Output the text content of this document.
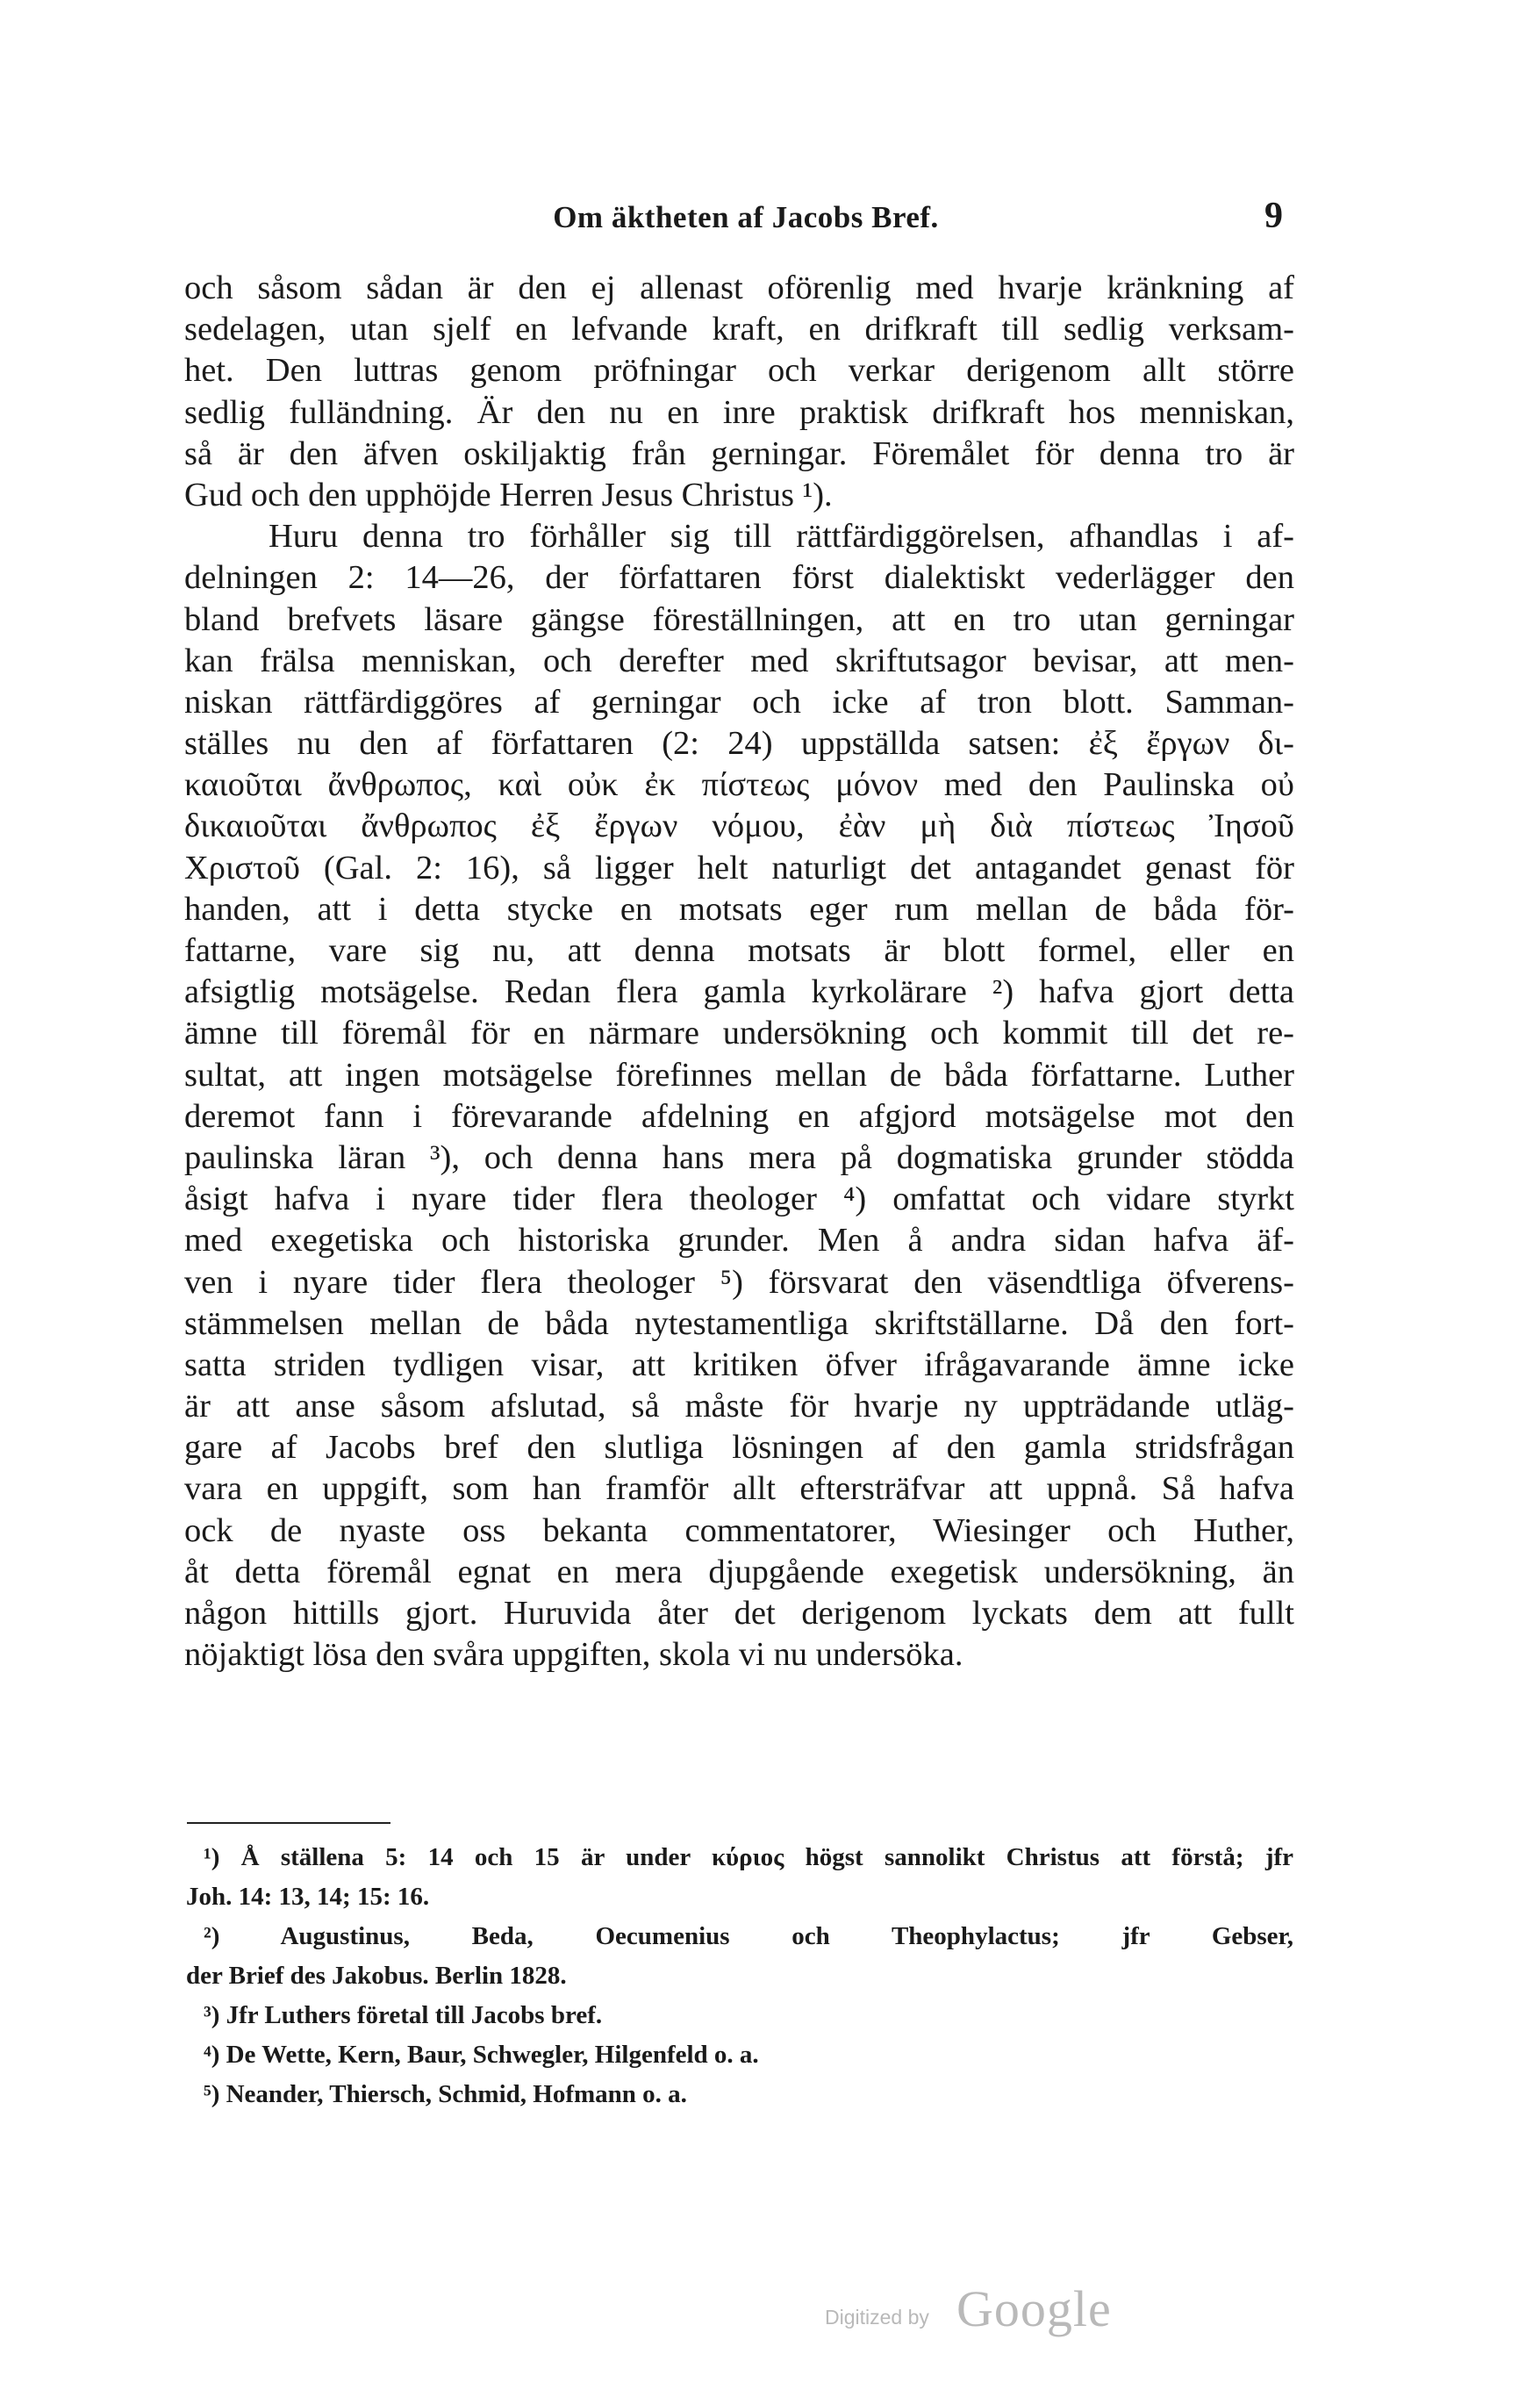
Om äktheten af Jacobs Bref.	9
och såsom sådan är den ej allenast oförenlig med hvarje kränkning af
sedelagen, utan sjelf en lefvande kraft, en drifkraft till sedlig verksam-
het. Den luttras genom pröfningar och verkar derigenom allt större
sedlig fulländning. Är den nu en inre praktisk drifkraft hos menniskan,
så är den äfven oskiljaktig från gerningar. Föremålet för denna tro är
Gud och den upphöjde Herren Jesus Christus ¹).
Huru denna tro förhåller sig till rättfärdiggörelsen, afhandlas i af-
delningen 2: 14—26, der författaren först dialektiskt vederlägger den
bland brefvets läsare gängse föreställningen, att en tro utan gerningar
kan frälsa menniskan, och derefter med skriftutsagor bevisar, att men-
niskan rättfärdiggöres af gerningar och icke af tron blott. Samman-
ställes nu den af författaren (2: 24) uppställda satsen: ἐξ ἔργων δι-
καιοῦται ἄνθρωπος, καὶ οὐκ ἐκ πίστεως μόνον med den Paulinska οὐ
δικαιοῦται ἄνθρωπος ἐξ ἔργων νόμου, ἐὰν μὴ διὰ πίστεως Ἰησοῦ
Χριστοῦ (Gal. 2: 16), så ligger helt naturligt det antagandet genast för
handen, att i detta stycke en motsats eger rum mellan de båda för-
fattarne, vare sig nu, att denna motsats är blott formel, eller en
afsigtlig motsägelse. Redan flera gamla kyrkolärare ²) hafva gjort detta
ämne till föremål för en närmare undersökning och kommit till det re-
sultat, att ingen motsägelse förefinnes mellan de båda författarne. Luther
deremot fann i förevarande afdelning en afgjord motsägelse mot den
paulinska läran ³), och denna hans mera på dogmatiska grunder stödda
åsigt hafva i nyare tider flera theologer ⁴) omfattat och vidare styrkt
med exegetiska och historiska grunder. Men å andra sidan hafva äf-
ven i nyare tider flera theologer ⁵) försvarat den väsendtliga öfverens-
stämmelsen mellan de båda nytestamentliga skriftställarne. Då den fort-
satta striden tydligen visar, att kritiken öfver ifrågavarande ämne icke
är att anse såsom afslutad, så måste för hvarje ny uppträdande utläg-
gare af Jacobs bref den slutliga lösningen af den gamla stridsfrågan
vara en uppgift, som han framför allt eftersträfvar att uppnå. Så hafva
ock de nyaste oss bekanta commentatorer, Wiesinger och Huther,
åt detta föremål egnat en mera djupgående exegetisk undersökning, än
någon hittills gjort. Huruvida åter det derigenom lyckats dem att fullt
nöjaktigt lösa den svåra uppgiften, skola vi nu undersöka.
¹) Å ställena 5: 14 och 15 är under κύριος högst sannolikt Christus att förstå; jfr
Joh. 14: 13, 14; 15: 16.
²) Augustinus, Beda, Oecumenius och Theophylactus; jfr Gebser,
der Brief des Jakobus. Berlin 1828.
³) Jfr Luthers företal till Jacobs bref.
⁴) De Wette, Kern, Baur, Schwegler, Hilgenfeld o. a.
⁵) Neander, Thiersch, Schmid, Hofmann o. a.
Digitized by Google
